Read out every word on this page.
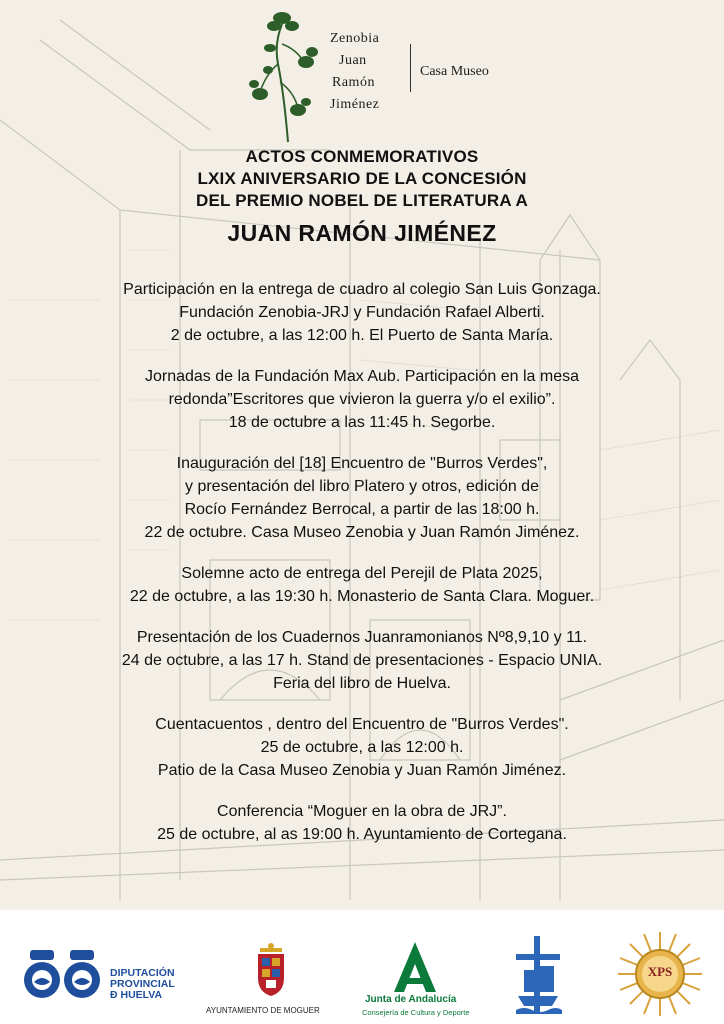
Zenobia
Juan
Ramón
Jiménez
Casa Museo
ACTOS CONMEMORATIVOS
LXIX ANIVERSARIO DE LA CONCESIÓN
DEL PREMIO NOBEL DE LITERATURA A
JUAN RAMÓN JIMÉNEZ
Participación en la entrega de cuadro al colegio San Luis Gonzaga.
Fundación Zenobia-JRJ y Fundación Rafael Alberti.
2 de octubre, a las 12:00 h. El Puerto de Santa María.
Jornadas de la Fundación Max Aub. Participación en la mesa
redonda”Escritores que vivieron la guerra y/o el exilio”.
18 de octubre a las 11:45 h. Segorbe.
Inauguración del [18] Encuentro de "Burros Verdes",
y presentación del libro Platero y otros, edición de
Rocío Fernández Berrocal, a partir de las 18:00 h.
22 de octubre. Casa Museo Zenobia y Juan Ramón Jiménez.
Solemne acto de entrega del Perejil de Plata 2025,
22 de octubre, a las 19:30 h. Monasterio de Santa Clara. Moguer.
Presentación de los Cuadernos Juanramonianos Nº8,9,10 y 11.
24 de octubre, a las 17 h. Stand de presentaciones - Espacio UNIA.
Feria del libro de Huelva.
Cuentacuentos , dentro del Encuentro de "Burros Verdes".
25 de octubre, a las 12:00 h.
Patio de la Casa Museo Zenobia y Juan Ramón Jiménez.
Conferencia “Moguer en la obra de JRJ”.
25 de octubre, al as 19:00 h. Ayuntamiento de Cortegana.
DIPUTACIÓN
PROVINCIAL
Ð HUELVA
AYUNTAMIENTO DE MOGUER
Junta de Andalucía
Consejería de Cultura y Deporte
XPS
